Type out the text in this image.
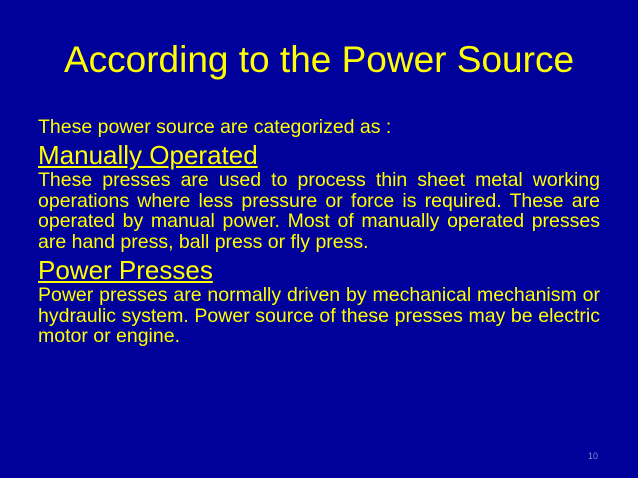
According to the Power Source

These power source are categorized as :

Manually Operated

These presses are used to process thin sheet metal working operations where less pressure or force is required. These are operated by manual power. Most of manually operated presses are hand press, ball press or fly press.

Power Presses

Power presses are normally driven by mechanical mechanism or hydraulic system. Power source of these presses may be electric motor or engine.

10
